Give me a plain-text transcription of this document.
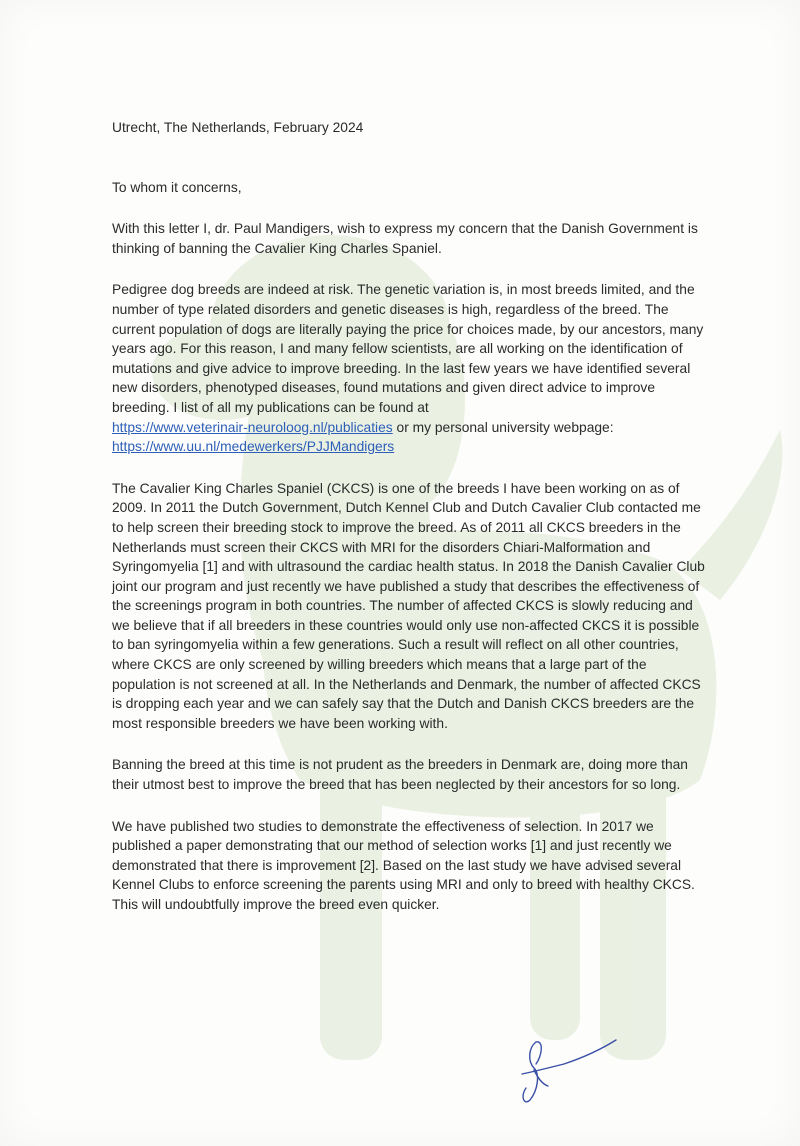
Utrecht, The Netherlands, February 2024

To whom it concerns,

With this letter I, dr. Paul Mandigers, wish to express my concern that the Danish Government is thinking of banning the Cavalier King Charles Spaniel.

Pedigree dog breeds are indeed at risk. The genetic variation is, in most breeds limited, and the number of type related disorders and genetic diseases is high, regardless of the breed. The current population of dogs are literally paying the price for choices made, by our ancestors, many years ago. For this reason, I and many fellow scientists, are all working on the identification of mutations and give advice to improve breeding. In the last few years we have identified several new disorders, phenotyped diseases, found mutations and given direct advice to improve breeding. I list of all my publications can be found at
https://www.veterinair-neuroloog.nl/publicaties or my personal university webpage:
https://www.uu.nl/medewerkers/PJJMandigers

The Cavalier King Charles Spaniel (CKCS) is one of the breeds I have been working on as of 2009. In 2011 the Dutch Government, Dutch Kennel Club and Dutch Cavalier Club contacted me to help screen their breeding stock to improve the breed. As of 2011 all CKCS breeders in the Netherlands must screen their CKCS with MRI for the disorders Chiari-Malformation and Syringomyelia [1] and with ultrasound the cardiac health status. In 2018 the Danish Cavalier Club joint our program and just recently we have published a study that describes the effectiveness of the screenings program in both countries. The number of affected CKCS is slowly reducing and we believe that if all breeders in these countries would only use non-affected CKCS it is possible to ban syringomyelia within a few generations. Such a result will reflect on all other countries, where CKCS are only screened by willing breeders which means that a large part of the population is not screened at all. In the Netherlands and Denmark, the number of affected CKCS is dropping each year and we can safely say that the Dutch and Danish CKCS breeders are the most responsible breeders we have been working with.

Banning the breed at this time is not prudent as the breeders in Denmark are, doing more than their utmost best to improve the breed that has been neglected by their ancestors for so long.

We have published two studies to demonstrate the effectiveness of selection. In 2017 we published a paper demonstrating that our method of selection works [1] and just recently we demonstrated that there is improvement [2]. Based on the last study we have advised several Kennel Clubs to enforce screening the parents using MRI and only to breed with healthy CKCS. This will undoubtfully improve the breed even quicker.
